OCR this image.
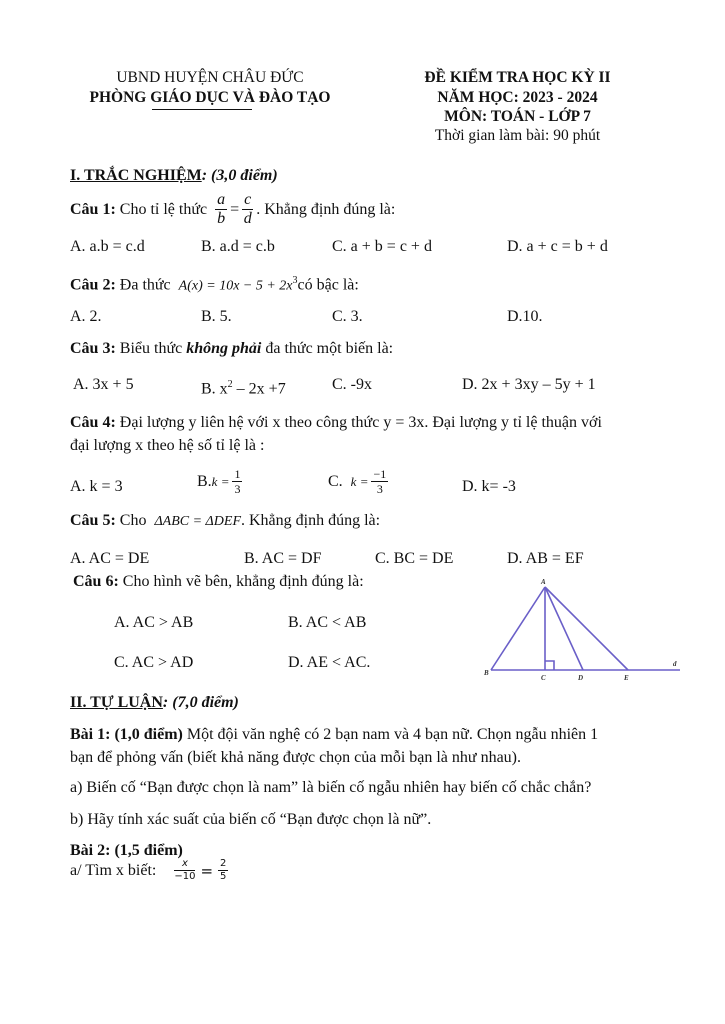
UBND HUYỆN CHÂU ĐỨC
PHÒNG GIÁO DỤC VÀ ĐÀO TẠO
ĐỀ KIỂM TRA HỌC KỲ II
NĂM HỌC: 2023 - 2024
MÔN: TOÁN - LỚP 7
Thời gian làm bài: 90 phút
I. TRẮC NGHIỆM: (3,0 điểm)
Câu 1:
Cho tỉ lệ thức $\frac{a}{b} = \frac{c}{d}$ . Khẳng định đúng là:
A. a.b = c.d	B. a.d = c.b	C. a + b = c + d	D. a + c = b + d
Câu 2: Đa thức $A(x) = 10x - 5 + 2x^3có$ bậc là:
A. 2.	B. 5.	C. 3.	D.10.
Câu 3: Biểu thức không phải đa thức một biến là:
A. 3x + 5	B. $x^2 - 2x +7$	C. -9x	D. 2x + 3xy – 5y + 1
Câu 4: Đại lượng y liên hệ với x theo công thức y = 3x. Đại lượng y tỉ lệ thuận với
đại lượng x theo hệ số tỉ lệ là :
A. k = 3	B. $k = \frac{1}{3}$	C.
$k = \frac{-1}{3}$	D. k= -3
Câu 5: Cho ΔABC = ΔDEF. Khẳng định đúng là:
A. AC = DE	B. AC = DF	C. BC = DE	D. AB = EF
Câu 6: Cho hình vẽ bên, khẳng định đúng là:
A. AC > AB	B. AC < AB
C. AC > AD	D. AE < AC.
A
B
C	D	E
d
II. TỰ LUẬN: (7,0 điểm)
Bài 1: (1,0 điểm) Một đội văn nghệ có 2 bạn nam và 4 bạn nữ. Chọn ngẫu nhiên 1
bạn để phỏng vấn (biết khả năng được chọn của mỗi bạn là như nhau).
a) Biến cố “Bạn được chọn là nam” là biến cố ngẫu nhiên hay biến cố chắc chắn?
b) Hãy tính xác suất của biến cố “Bạn được chọn là nữ”.
Bài 2: (1,5 điểm)
a/ Tìm x biết: $\frac{x}{-10} = \frac{2}{5}$
